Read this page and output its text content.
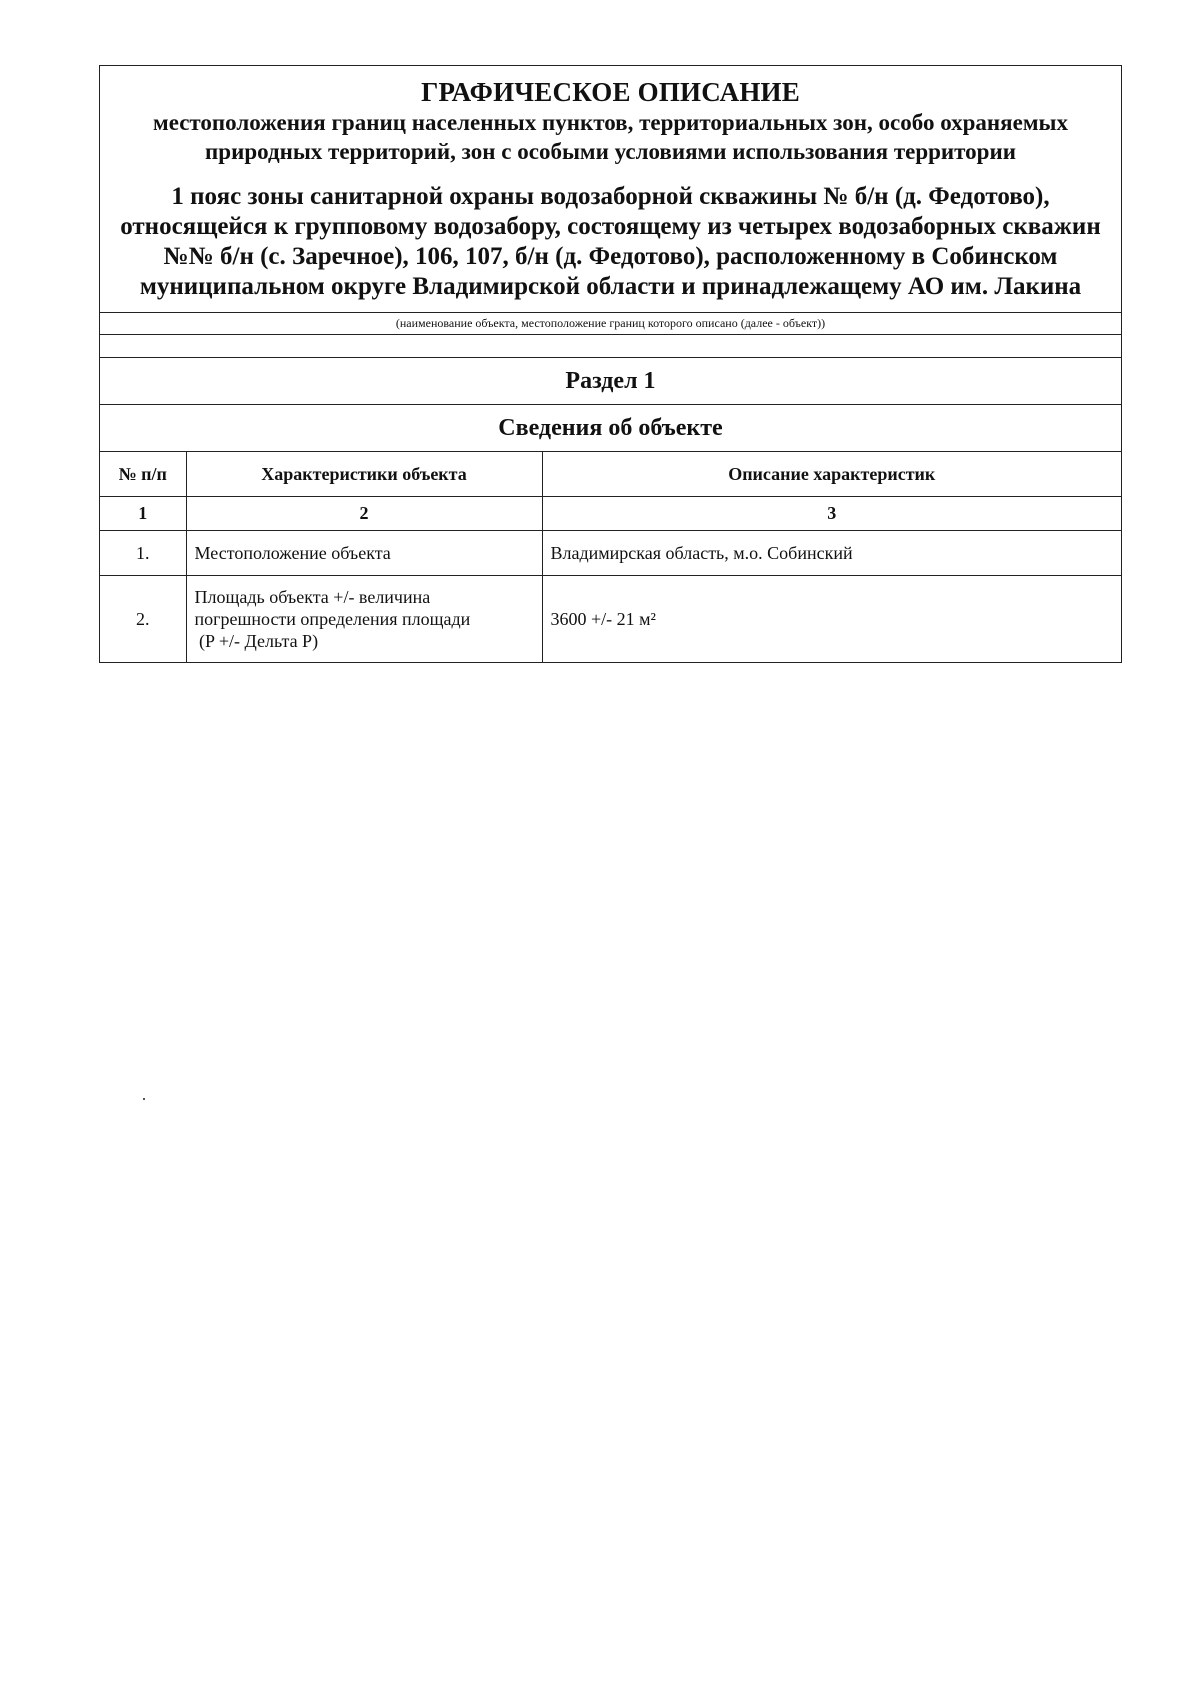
ГРАФИЧЕСКОЕ ОПИСАНИЕ
местоположения границ населенных пунктов, территориальных зон, особо охраняемых природных территорий, зон с особыми условиями использования территории
1 пояс зоны санитарной охраны водозаборной скважины № б/н (д. Федотово), относящейся к групповому водозабору, состоящему из четырех водозаборных скважин №№ б/н (с. Заречное), 106, 107, б/н (д. Федотово), расположенному в Собинском муниципальном округе Владимирской области и принадлежащему АО им. Лакина
(наименование объекта, местоположение границ которого описано (далее - объект))
Раздел 1
Сведения об объекте
№ п/п	Характеристики объекта	Описание характеристик
1	2	3
1.	Местоположение объекта	Владимирская область, м.о. Собинский
2.	Площадь объекта +/- величина
погрешности определения площади
(P +/- Дельта P)	3600 +/- 21 м²
